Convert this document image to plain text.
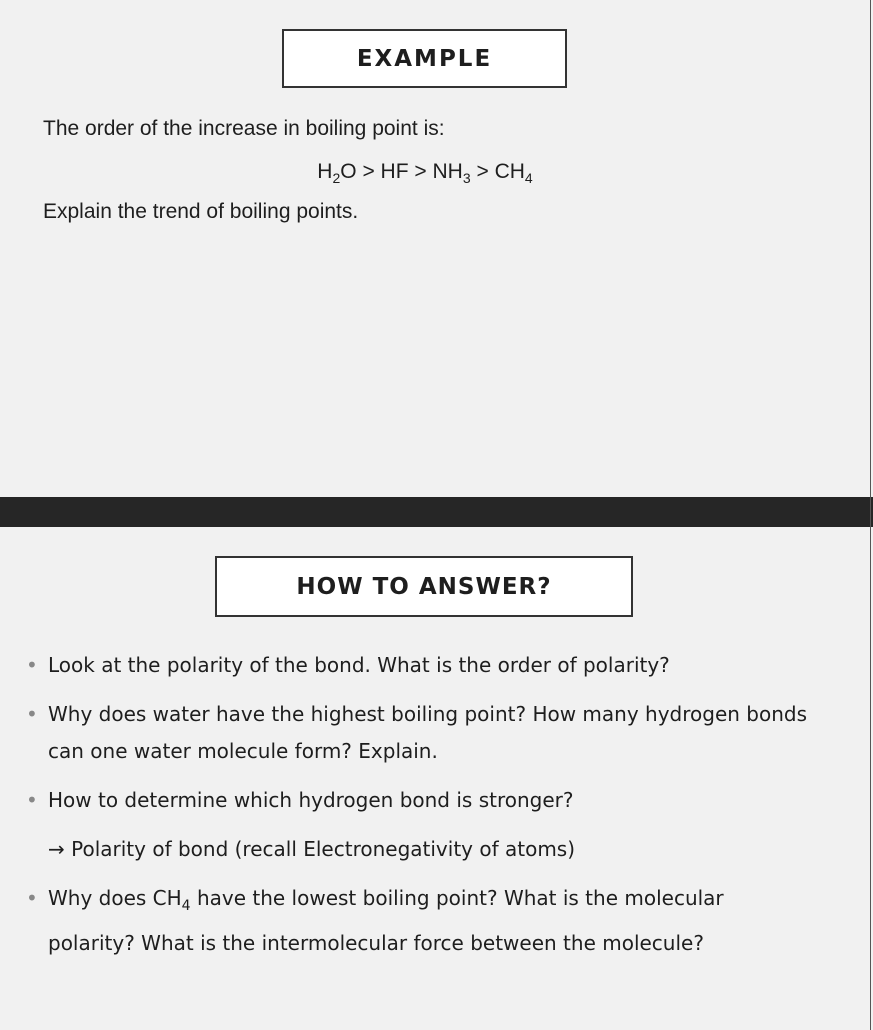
EXAMPLE
The order of the increase in boiling point is:
$H_2O$ > HF > $NH_3 > CH_4$
Explain the trend of boiling points.
HOW TO ANSWER?
• Look at the polarity of the bond. What is the order of polarity?
• Why does water have the highest boiling point? How many hydrogen bonds can one water molecule form? Explain.
• How to determine which hydrogen bond is stronger?
→ Polarity of bond (recall Electronegativity of atoms)
• Why does $CH_4$ have the lowest boiling point? What is the molecular polarity? What is the intermolecular force between the molecule?
